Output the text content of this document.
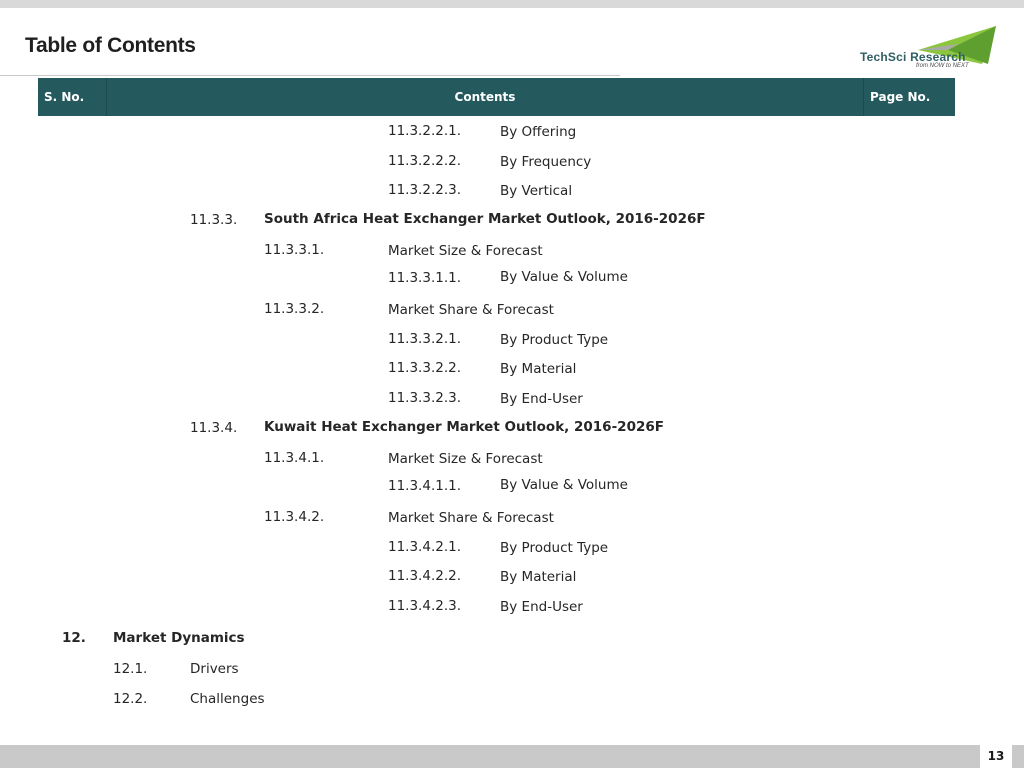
Table of Contents	TechSci Research
from NOW to NEXT
S. No.	Contents	Page No.
11.3.2.2.1.	By Offering
11.3.2.2.2.	By Frequency
11.3.2.2.3.	By Vertical
11.3.3. South Africa Heat Exchanger Market Outlook, 2016-2026F
11.3.3.1.	Market Size & Forecast
11.3.3.1.1.	By Value & Volume
11.3.3.2.	Market Share & Forecast
11.3.3.2.1.	By Product Type
11.3.3.2.2.	By Material
11.3.3.2.3.	By End-User
11.3.4. Kuwait Heat Exchanger Market Outlook, 2016-2026F
11.3.4.1.	Market Size & Forecast
11.3.4.1.1.	By Value & Volume
11.3.4.2.	Market Share & Forecast
11.3.4.2.1.	By Product Type
11.3.4.2.2.	By Material
11.3.4.2.3.	By End-User
12. Market Dynamics
12.1.	Drivers
12.2.	Challenges
13
